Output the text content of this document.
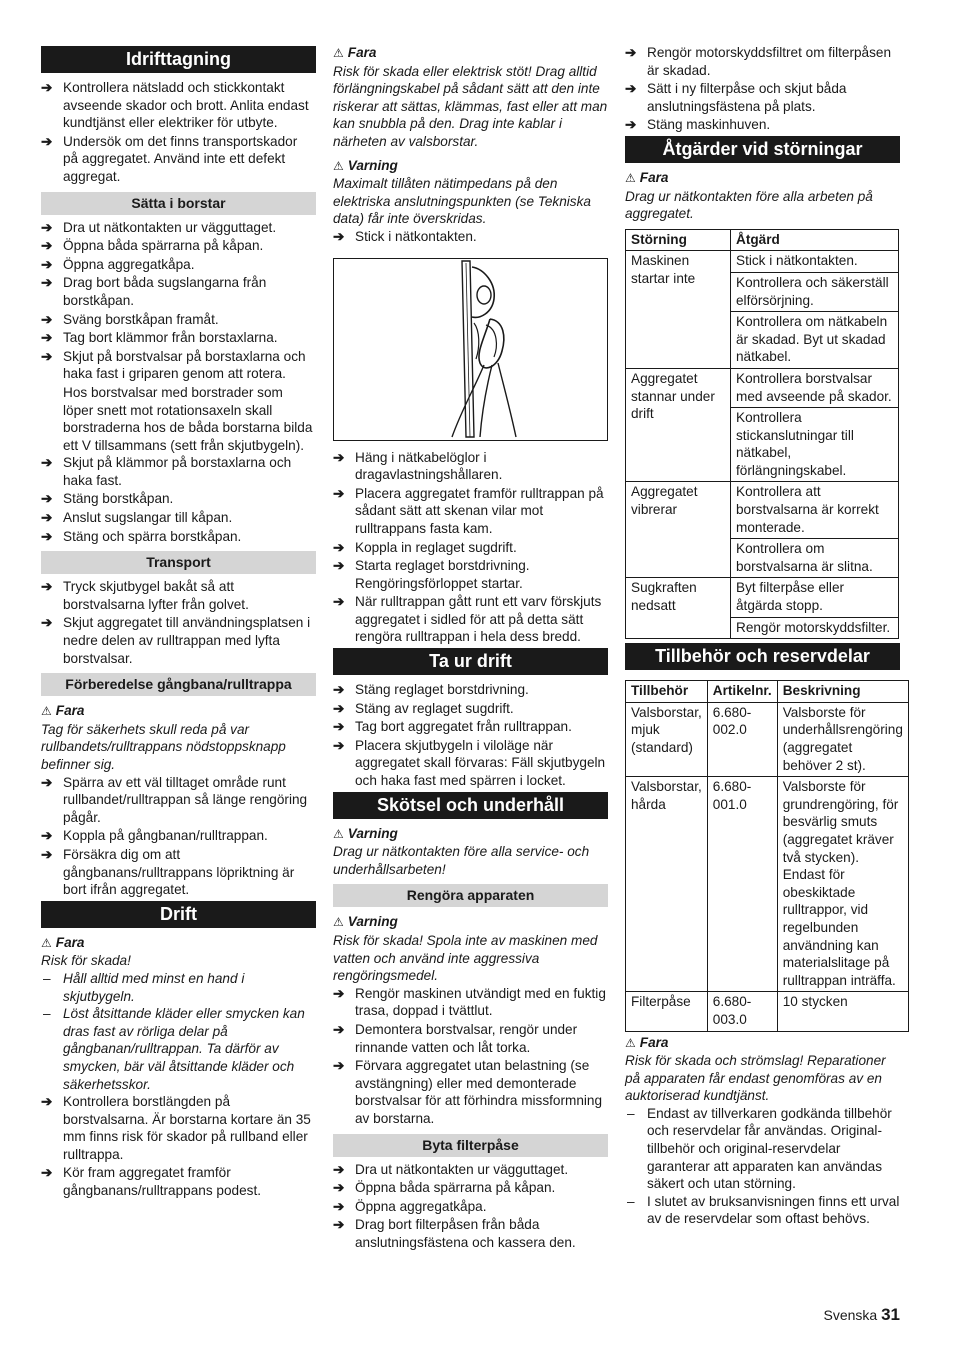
Idrifttagning
➔ Kontrollera nätsladd och stickkontakt avseende skador och brott. Anlita endast kundtjänst eller elektriker för utbyte.
➔ Undersök om det finns transportskador på aggregatet. Använd inte ett defekt aggregat.
Sätta i borstar
➔ Dra ut nätkontakten ur vägguttaget.
➔ Öppna båda spärrarna på kåpan.
➔ Öppna aggregatkåpa.
➔ Drag bort båda sugslangarna från borstkåpan.
➔ Sväng borstkåpan framåt.
➔ Tag bort klämmor från borstaxlarna.
➔ Skjut på borstvalsar på borstaxlarna och haka fast i griparen genom att rotera.
Hos borstvalsar med borstrader som löper snett mot rotationsaxeln skall borstraderna hos de båda borstarna bilda ett V tillsammans (sett från skjutbygeln).
➔ Skjut på klämmor på borstaxlarna och haka fast.
➔ Stäng borstkåpan.
➔ Anslut sugslangar till kåpan.
➔ Stäng och spärra borstkåpan.
Transport
➔ Tryck skjutbygel bakåt så att borstvalsarna lyfter från golvet.
➔ Skjut aggregatet till användningsplatsen i nedre delen av rulltrappan med lyfta borstvalsar.
Förberedelse gångbana/rulltrappa
⚠ Fara
Tag för säkerhets skull reda på var rullbandets/rulltrappans nödstoppsknapp befinner sig.
➔ Spärra av ett väl tilltaget område runt rullbandet/rulltrappan så länge rengöring pågår.
➔ Koppla på gångbanan/rulltrappan.
➔ Försäkra dig om att gångbanans/rulltrappans löpriktning är bort ifrån aggregatet.
Drift
⚠ Fara
Risk för skada!
– Håll alltid med minst en hand i skjutbygeln.
– Löst åtsittande kläder eller smycken kan dras fast av rörliga delar på gångbanan/rulltrappan. Ta därför av smycken, bär väl åtsittande kläder och säkerhetsskor.
➔ Kontrollera borstlängden på borstvalsarna. Är borstarna kortare än 35 mm finns risk för skador på rullband eller rulltrappa.
➔ Kör fram aggregatet framför gångbanans/rulltrappans podest.
⚠ Fara
Risk för skada eller elektrisk stöt! Drag alltid förlängningskabel på sådant sätt att den inte riskerar att sättas, klämmas, fast eller att man kan snubbla på den. Drag inte kablar i närheten av valsborstar.
⚠ Varning
Maximalt tillåten nätimpedans på den elektriska anslutningspunkten (se Tekniska data) får inte överskridas.
➔ Stick i nätkontakten.
➔ Häng i nätkabelöglor i dragavlastningshållaren.
➔ Placera aggregatet framför rulltrappan på sådant sätt att skenan vilar mot rulltrappans fasta kam.
➔ Koppla in reglaget sugdrift.
➔ Starta reglaget borstdrivning. Rengöringsförloppet startar.
➔ När rulltrappan gått runt ett varv förskjuts aggregatet i sidled för att på detta sätt rengöra rulltrappan i hela dess bredd.
Ta ur drift
➔ Stäng reglaget borstdrivning.
➔ Stäng av reglaget sugdrift.
➔ Tag bort aggregatet från rulltrappan.
➔ Placera skjutbygeln i viloläge när aggregatet skall förvaras: Fäll skjutbygeln och haka fast med spärren i locket.
Skötsel och underhåll
⚠ Varning
Drag ur nätkontakten före alla service- och underhållsarbeten!
Rengöra apparaten
⚠ Varning
Risk för skada! Spola inte av maskinen med vatten och använd inte aggressiva rengöringsmedel.
➔ Rengör maskinen utvändigt med en fuktig trasa, doppad i tvättlut.
➔ Demontera borstvalsar, rengör under rinnande vatten och låt torka.
➔ Förvara aggregatet utan belastning (se avstängning) eller med demonterade borstvalsar för att förhindra missformning av borstarna.
Byta filterpåse
➔ Dra ut nätkontakten ur vägguttaget.
➔ Öppna båda spärrarna på kåpan.
➔ Öppna aggregatkåpa.
➔ Drag bort filterpåsen från båda anslutningsfästena och kassera den.
➔ Rengör motorskyddsfiltret om filterpåsen är skadad.
➔ Sätt i ny filterpåse och skjut båda anslutningsfästena på plats.
➔ Stäng maskinhuven.
Åtgärder vid störningar
⚠ Fara
Drag ur nätkontakten före alla arbeten på aggregatet.
Störning	Åtgärd
Maskinen startar inte	Stick i nätkontakten.
	Kontrollera och säkerställ elförsörjning.
	Kontrollera om nätkabeln är skadad. Byt ut skadad nätkabel.
Aggregatet stannar under drift	Kontrollera borstvalsar med avseende på skador.
	Kontrollera stickanslutningar till nätkabel, förlängningskabel.
Aggregatet vibrerar	Kontrollera att borstvalsarna är korrekt monterade.
	Kontrollera om borstvalsarna är slitna.
Sugkraften nedsatt	Byt filterpåse eller åtgärda stopp.
	Rengör motorskyddsfilter.
Tillbehör och reservdelar
Tillbehör	Artikelnr.	Beskrivning
Valsborstar, mjuk (standard)	6.680-002.0	Valsborste för underhållsrengöring (aggregatet behöver 2 st).
Valsborstar, hårda	6.680-001.0	Valsborste för grundrengöring, för besvärlig smuts (aggregatet kräver två stycken). Endast för obeskiktade rulltrappor, vid regelbunden användning kan materialslitage på rulltrappan inträffa.
Filterpåse	6.680-003.0	10 stycken
⚠ Fara
Risk för skada och strömslag! Reparationer på apparaten får endast genomföras av en auktoriserad kundtjänst.
– Endast av tillverkaren godkända tillbehör och reservdelar får användas. Original-tillbehör och original-reservdelar garanterar att apparaten kan användas säkert och utan störning.
– I slutet av bruksanvisningen finns ett urval av de reservdelar som oftast behövs.
Svenska 31
